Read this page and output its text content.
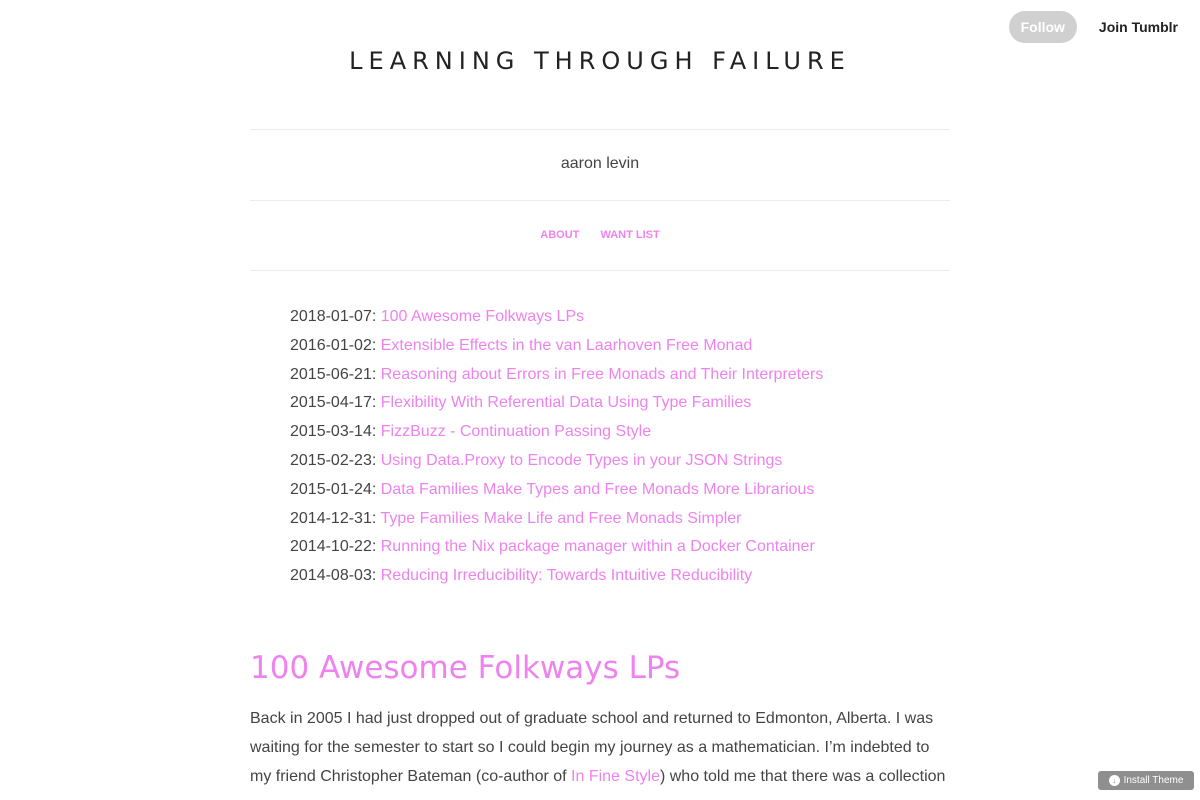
Follow	Join Tumblr
LEARNING THROUGH FAILURE
aaron levin
ABOUT WANT LIST
2018-01-07: 100 Awesome Folkways LPs
2016-01-02: Extensible Effects in the van Laarhoven Free Monad
2015-06-21: Reasoning about Errors in Free Monads and Their Interpreters
2015-04-17: Flexibility With Referential Data Using Type Families
2015-03-14: FizzBuzz - Continuation Passing Style
2015-02-23: Using Data.Proxy to Encode Types in your JSON Strings
2015-01-24: Data Families Make Types and Free Monads More Librarious
2014-12-31: Type Families Make Life and Free Monads Simpler
2014-10-22: Running the Nix package manager within a Docker Container
2014-08-03: Reducing Irreducibility: Towards Intuitive Reducibility
100 Awesome Folkways LPs

Back in 2005 I had just dropped out of graduate school and returned to Edmonton, Alberta. I was waiting for the semester to start so I could begin my journey as a mathematician. I’m indebted to my friend Christopher Bateman (co-author of In Fine Style) who told me that there was a collection	↓ Install Theme
